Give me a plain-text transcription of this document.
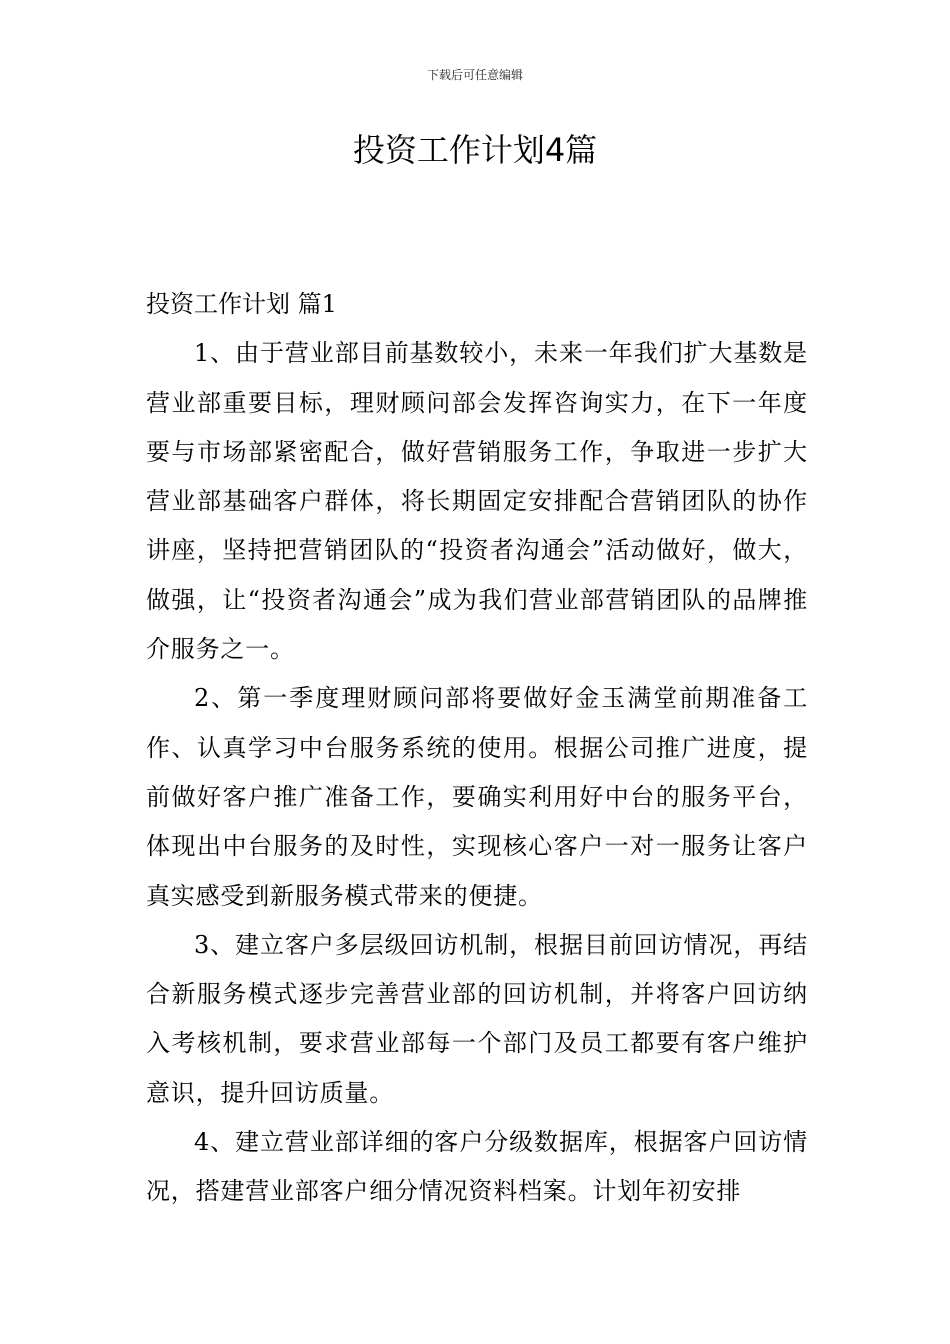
下载后可任意编辑
投资工作计划4篇

投资工作计划 篇1

1、由于营业部目前基数较小，未来一年我们扩大基数是营业部重要目标，理财顾问部会发挥咨询实力，在下一年度要与市场部紧密配合，做好营销服务工作，争取进一步扩大营业部基础客户群体，将长期固定安排配合营销团队的协作讲座，坚持把营销团队的“投资者沟通会”活动做好，做大，做强，让“投资者沟通会”成为我们营业部营销团队的品牌推介服务之一。

2、第一季度理财顾问部将要做好金玉满堂前期准备工作、认真学习中台服务系统的使用。根据公司推广进度，提前做好客户推广准备工作，要确实利用好中台的服务平台，体现出中台服务的及时性，实现核心客户一对一服务让客户真实感受到新服务模式带来的便捷。

3、建立客户多层级回访机制，根据目前回访情况，再结合新服务模式逐步完善营业部的回访机制，并将客户回访纳入考核机制，要求营业部每一个部门及员工都要有客户维护意识，提升回访质量。

4、建立营业部详细的客户分级数据库，根据客户回访情况，搭建营业部客户细分情况资料档案。计划年初安排
